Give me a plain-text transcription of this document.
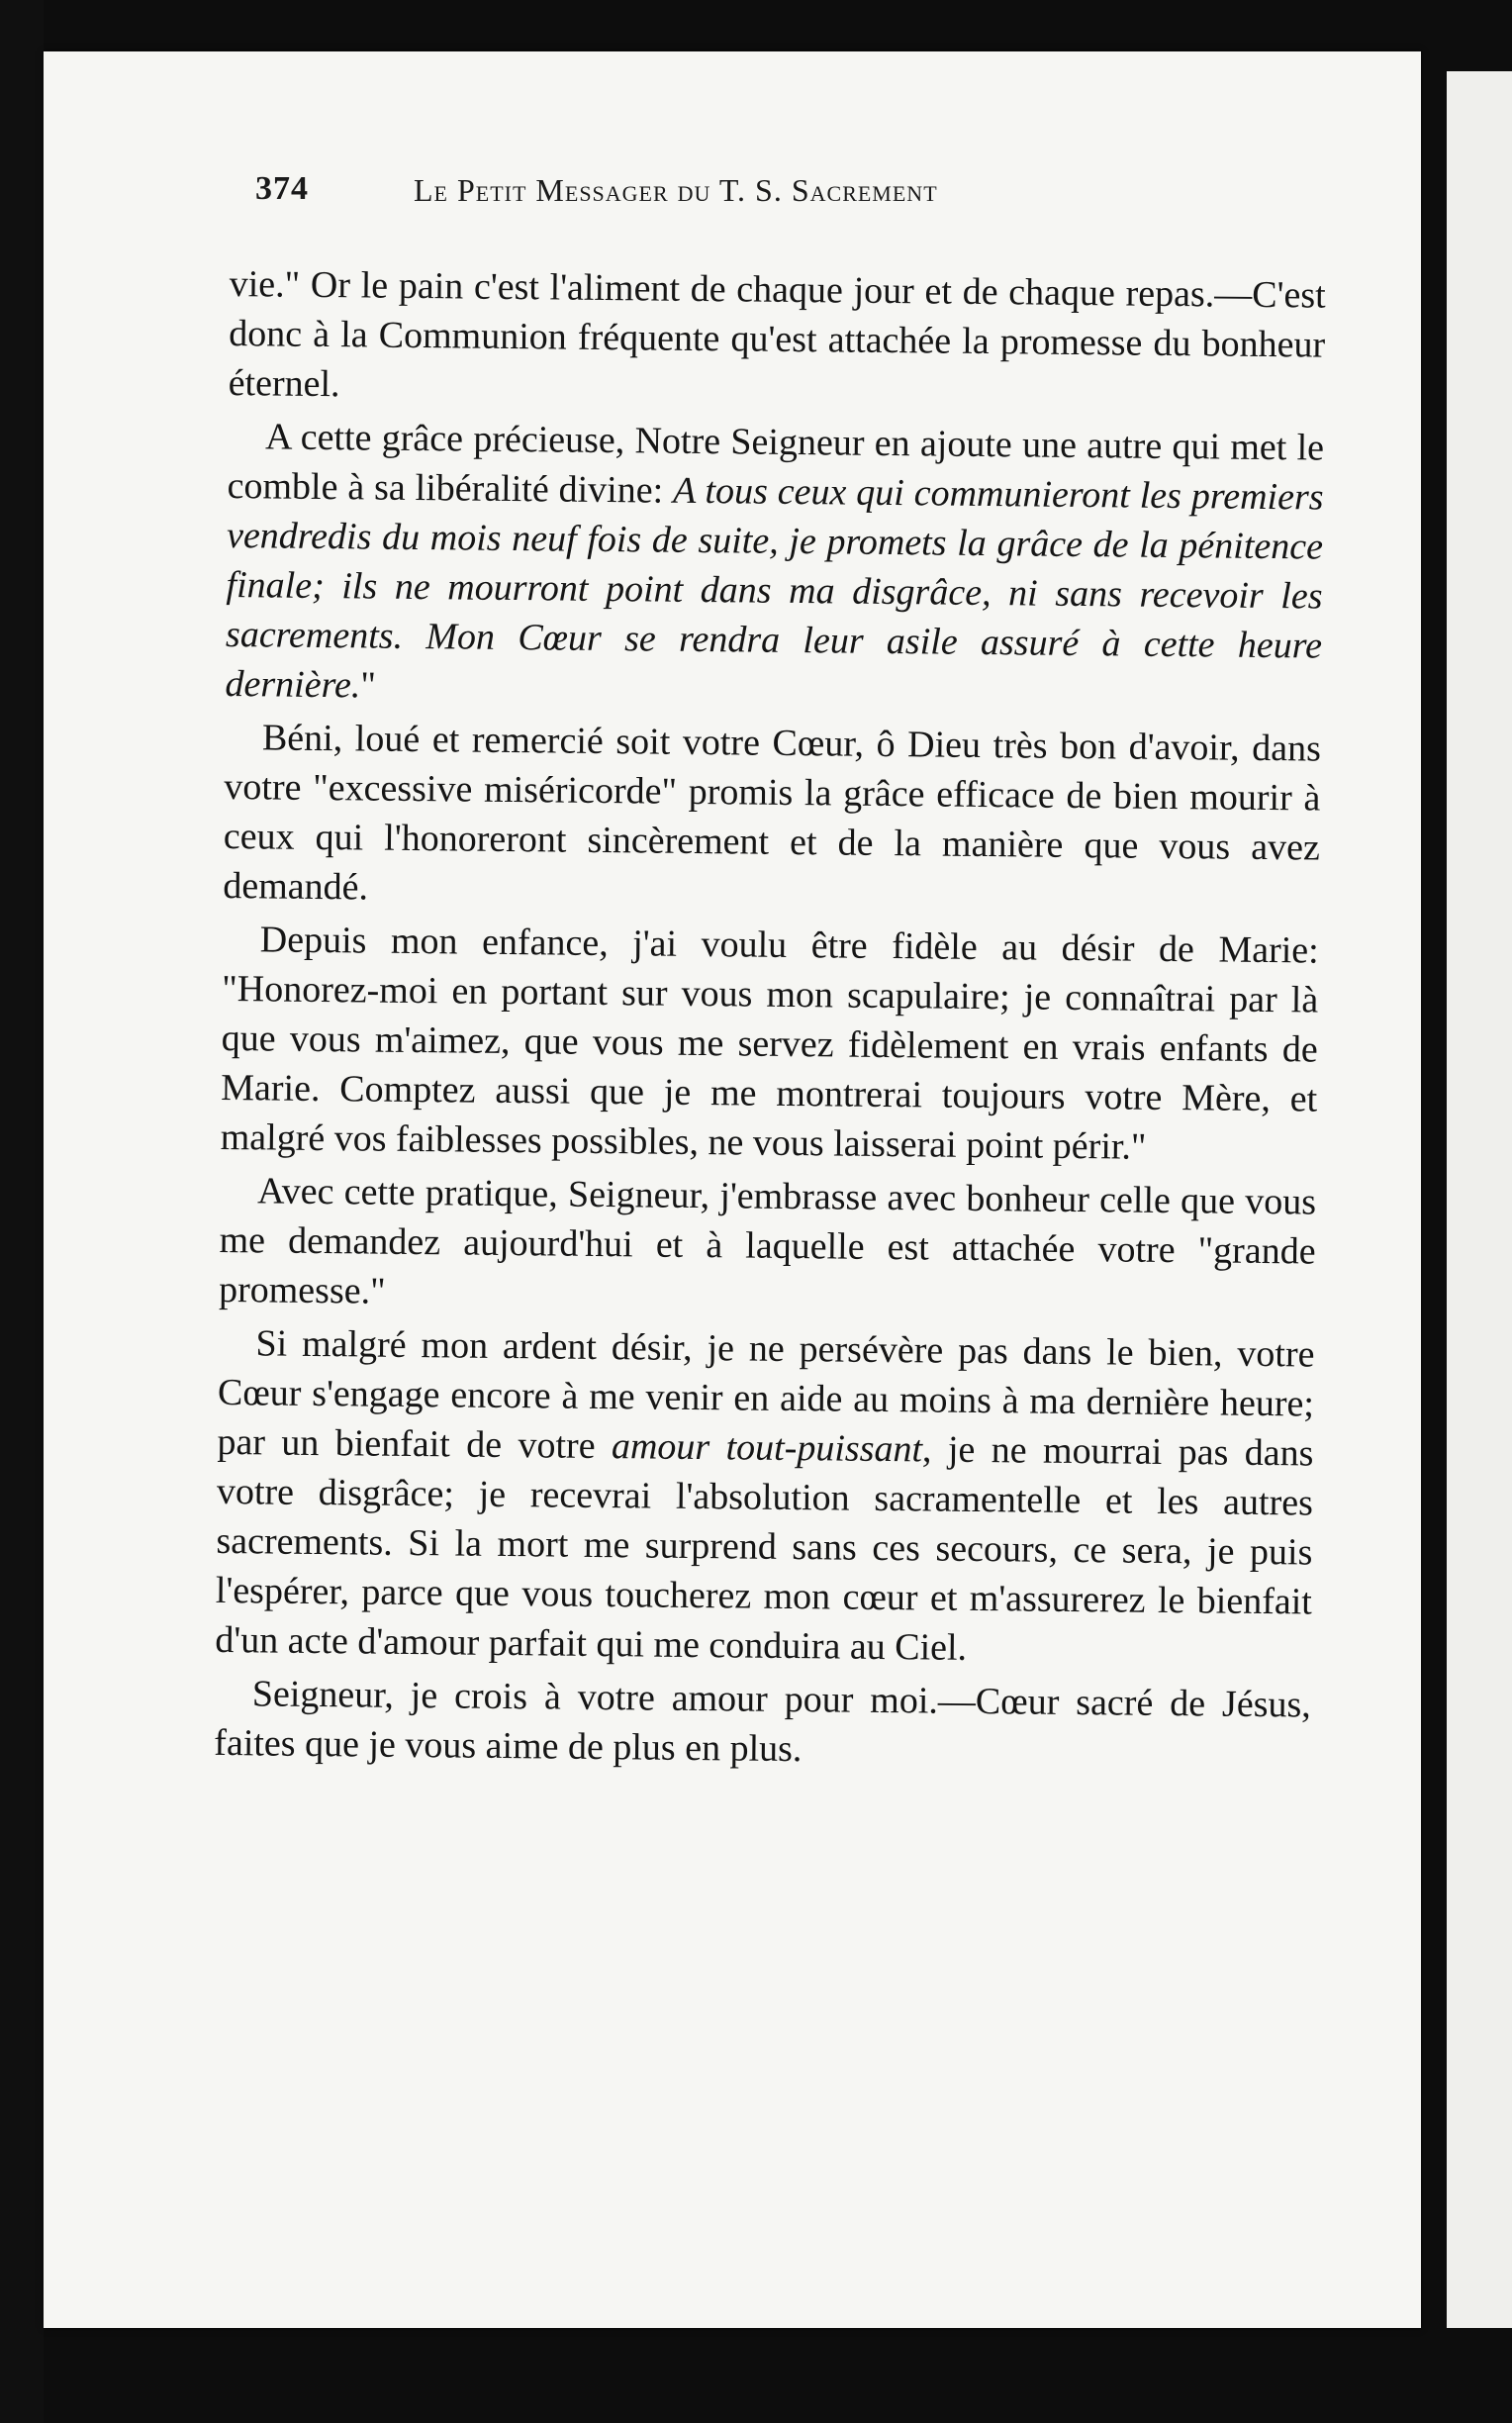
374	Le Petit Messager du T. S. Sacrement

vie." Or le pain c'est l'aliment de chaque jour et de chaque repas.—C'est donc à la Communion fréquente qu'est attachée la promesse du bonheur éternel.

A cette grâce précieuse, Notre Seigneur en ajoute une autre qui met le comble à sa libéralité divine: A tous ceux qui communieront les premiers vendredis du mois neuf fois de suite, je promets la grâce de la pénitence finale; ils ne mourront point dans ma disgrâce, ni sans recevoir les sacrements. Mon Cœur se rendra leur asile assuré à cette heure dernière."

Béni, loué et remercié soit votre Cœur, ô Dieu très bon d'avoir, dans votre "excessive miséricorde" promis la grâce efficace de bien mourir à ceux qui l'honoreront sincèrement et de la manière que vous avez demandé.

Depuis mon enfance, j'ai voulu être fidèle au désir de Marie: "Honorez-moi en portant sur vous mon scapulaire; je connaîtrai par là que vous m'aimez, que vous me servez fidèlement en vrais enfants de Marie. Comptez aussi que je me montrerai toujours votre Mère, et malgré vos faiblesses possibles, ne vous laisserai point périr."

Avec cette pratique, Seigneur, j'embrasse avec bonheur celle que vous me demandez aujourd'hui et à laquelle est attachée votre "grande promesse."

Si malgré mon ardent désir, je ne persévère pas dans le bien, votre Cœur s'engage encore à me venir en aide au moins à ma dernière heure; par un bienfait de votre amour tout-puissant, je ne mourrai pas dans votre disgrâce; je recevrai l'absolution sacramentelle et les autres sacrements. Si la mort me surprend sans ces secours, ce sera, je puis l'espérer, parce que vous toucherez mon cœur et m'assurerez le bienfait d'un acte d'amour parfait qui me conduira au Ciel.

Seigneur, je crois à votre amour pour moi.—Cœur sacré de Jésus, faites que je vous aime de plus en plus.
